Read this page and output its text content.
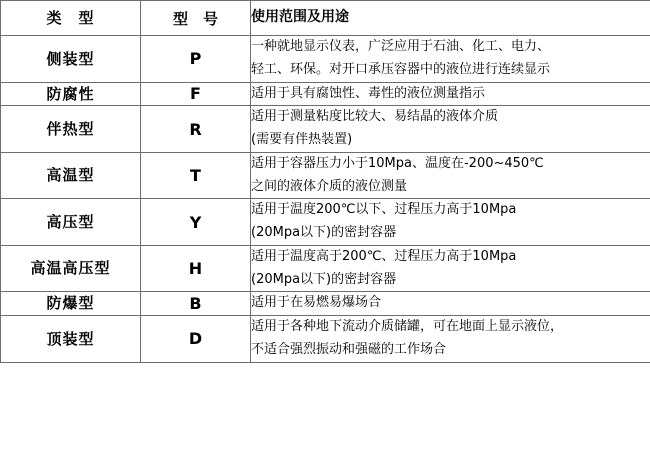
类　型	型　号	使用范围及用途
侧装型	P	一种就地显示仪表，广泛应用于石油、化工、电力、
轻工、环保。对开口承压容器中的液位进行连续显示

防腐性	F	适用于具有腐蚀性、毒性的液位测量指示

伴热型	R	适用于测量粘度比较大、易结晶的液体介质
(需要有伴热装置)

高温型	T	适用于容器压力小于10Mpa、温度在-200~450℃
之间的液体介质的液位测量

高压型	Y	适用于温度200℃以下、过程压力高于10Mpa
(20Mpa以下)的密封容器

高温高压型	H	适用于温度高于200℃、过程压力高于10Mpa
(20Mpa以下)的密封容器

防爆型	B	适用于在易燃易爆场合

顶装型	D	适用于各种地下流动介质储罐，可在地面上显示液位，
不适合强烈振动和强磁的工作场合
